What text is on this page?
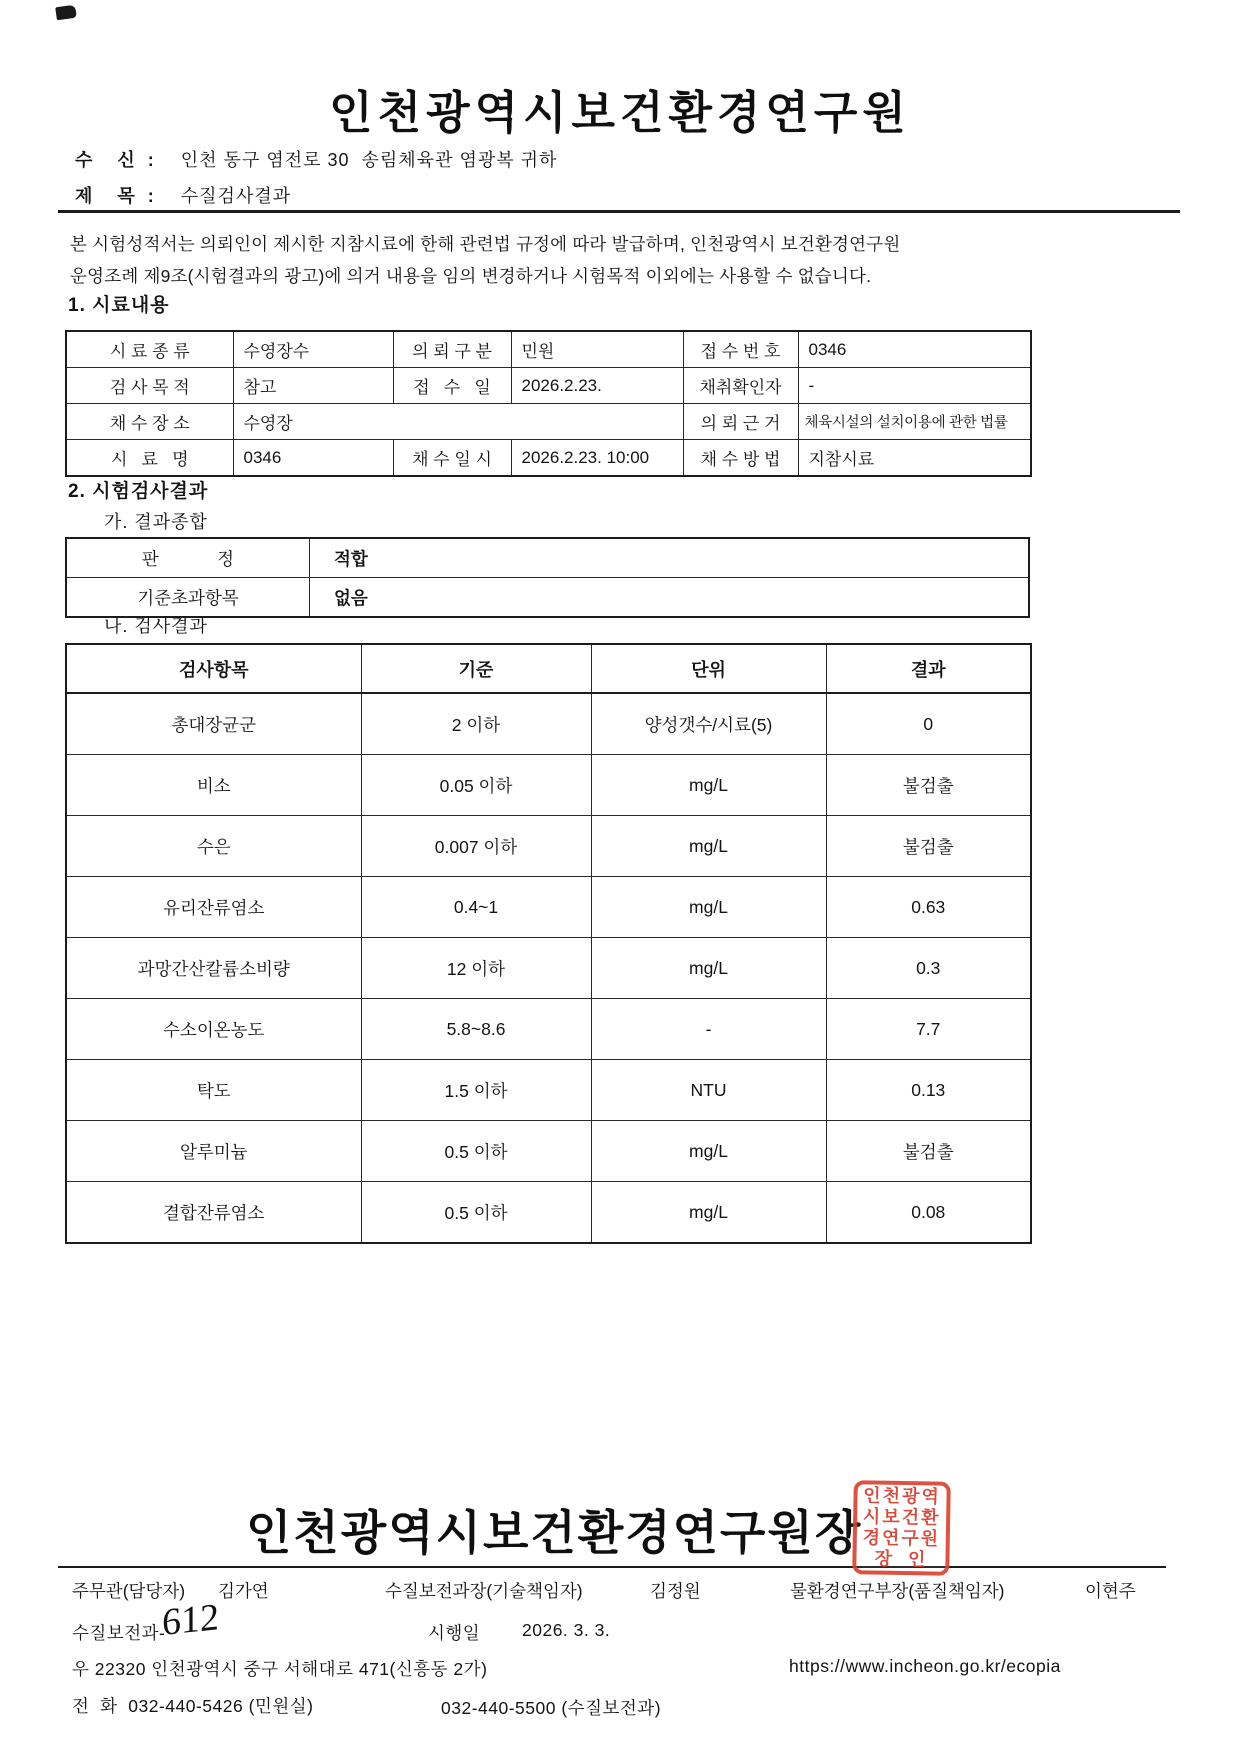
인천광역시보건환경연구원
수    신  : 인천 동구 염전로 30  송림체육관 염광복 귀하
제    목  : 수질검사결과
본 시험성적서는 의뢰인이 제시한 지참시료에 한해 관련법 규정에 따라 발급하며, 인천광역시 보건환경연구원
운영조례 제9조(시험결과의 광고)에 의거 내용을 임의 변경하거나 시험목적 이외에는 사용할 수 없습니다.
1. 시료내용
시 료 종 류	수영장수	의 뢰 구 분	민원	접 수 번 호	0346
검 사 목 적	참고	접   수   일	2026.2.23.	채취확인자	-
채 수 장 소	수영장			의 뢰 근 거	체육시설의 설치이용에 관한 법률
시   료   명	0346	채 수 일 시	2026.2.23. 10:00	채 수 방 법	지참시료
2. 시험검사결과
가. 결과종합
판            정	적합
기준초과항목	없음
나. 검사결과
검사항목	기준	단위	결과
총대장균군	2 이하	양성갯수/시료(5)	0
비소	0.05 이하	mg/L	불검출
수은	0.007 이하	mg/L	불검출
유리잔류염소	0.4~1	mg/L	0.63
과망간산칼륨소비량	12 이하	mg/L	0.3
수소이온농도	5.8~8.6	-	7.7
탁도	1.5 이하	NTU	0.13
알루미늄	0.5 이하	mg/L	불검출
결합잔류염소	0.5 이하	mg/L	0.08
인천광역시보건환경연구원장
인천광역
시보건환
경연구원
장  인
주무관(담당자) 김가연	수질보전과장(기술책임자)	김정원	물환경연구부장(품질책임자)	이현주
수질보전과-
612	시행일 2026. 3. 3.
우 22320 인천광역시 중구 서해대로 471(신흥동 2가)	https://www.incheon.go.kr/ecopia
전  화  032-440-5426 (민원실)	032-440-5500 (수질보전과)
